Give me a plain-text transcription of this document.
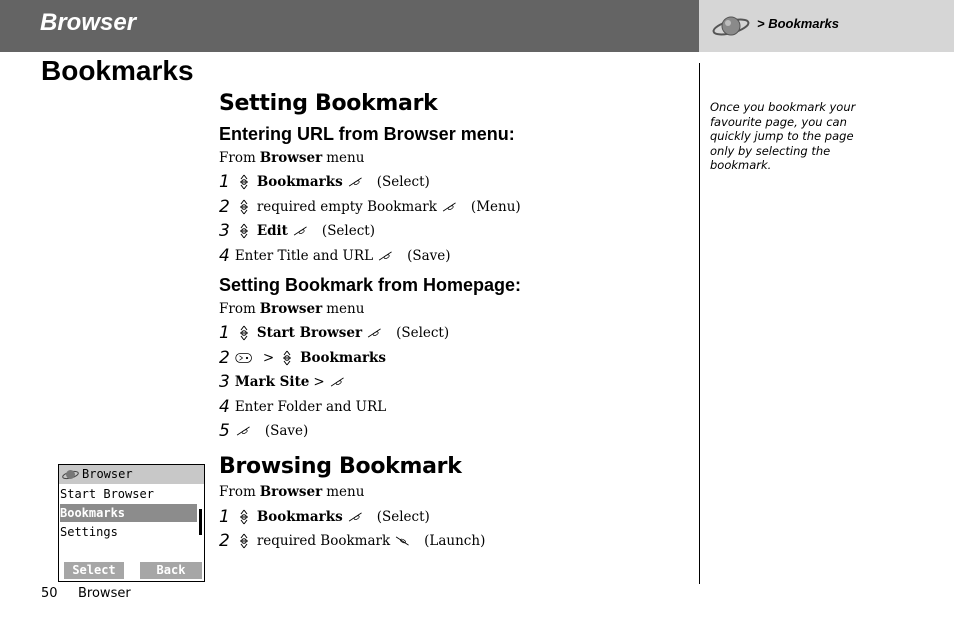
Browser	> Bookmarks
Bookmarks
Setting Bookmark
Entering URL from Browser menu:
From Browser menu
1 Bookmarks	(Select)
2 required empty Bookmark	(Menu)
3 Edit	(Select)
4 Enter Title and URL	(Save)
Setting Bookmark from Homepage:
From Browser menu
1 Start Browser	(Select)
2 > Bookmarks
3 Mark Site >
4 Enter Folder and URL
5	(Save)
Browsing Bookmark
From Browser menu
1 Bookmarks	(Select)
2 required Bookmark	(Launch)
Once you bookmark your favourite page, you can quickly jump to the page only by selecting the bookmark.
Browser
Start Browser
Bookmarks
Settings
Select	Back
50 Browser
